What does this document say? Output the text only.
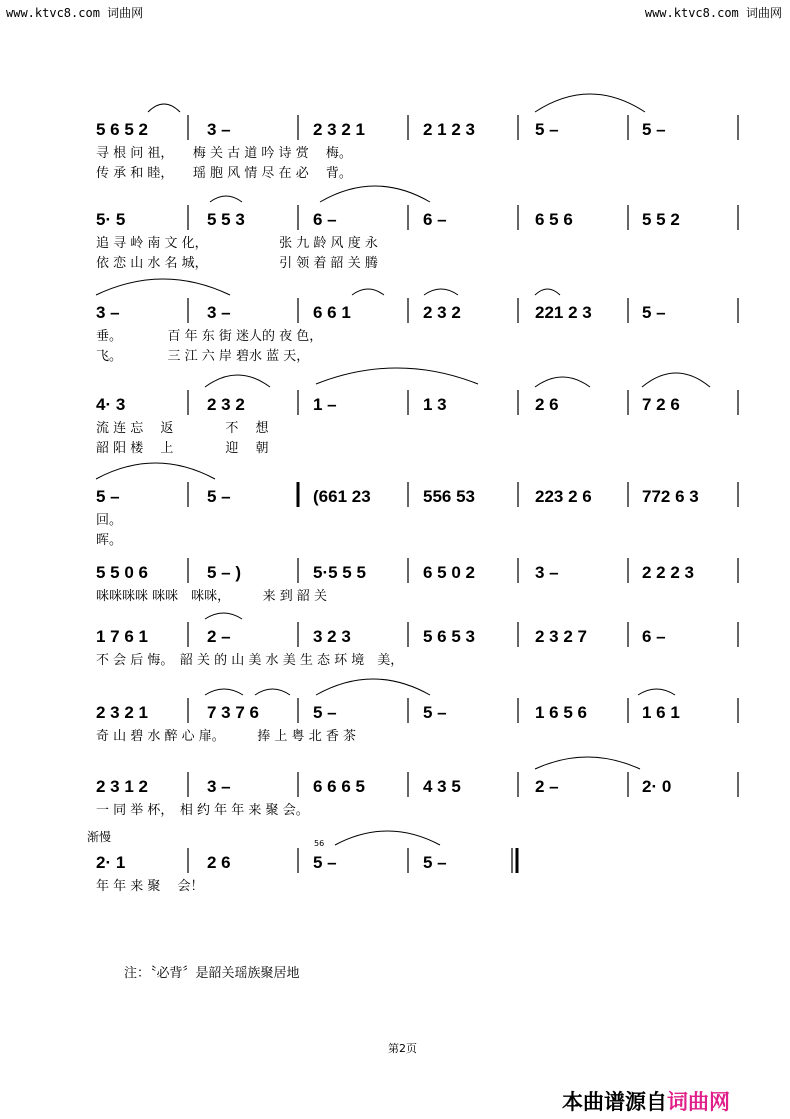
www.ktvc8.com 词曲网	www.ktvc8.com 词曲网
5 6 5 2	3 –	2 3 2 1	2 1 2 3	5 –	5 –
寻 根 问 祖，　　梅 关 古 道 吟 诗 赏　 梅。
传 承 和 睦，　　瑶 胞 风 情 尽 在 必　 背。
5· 5	5 5 3	6 –	6 –	6 5 6	5 5 2
追 寻 岭 南 文 化，　　　　　　张 九 龄 风 度 永
依 恋 山 水 名 城，　　　　　　引 领 着 韶 关 腾
3 –	3 –	6 6 1	2 3 2	221 2 3	5 –
垂。　　　　百 年 东 街 迷人的 夜 色，
飞。　　　　三 江 六 岸 碧水 蓝 天，
4· 3	2 3 2	1 –	1 3	2 6	7 2 6
流 连 忘　 返　　　　不　 想
韶 阳 楼　 上　　　　迎　 朝
5 –	5 –	(661 23	556 53	223 2 6	772 6 3
回。
晖。
5 5 0 6	5 – )	5·5 5 5	6 5 0 2	3 –	2 2 2 3
咪咪咪咪 咪咪　咪咪，　　　来 到 韶 关
1 7 6 1	2 –	3 2 3	5 6 5 3	2 3 2 7	6 –
不 会 后 悔。　韶 关 的 山 美 水 美 生 态 环 境　美，
2 3 2 1	7 3 7 6	5 –	5 –	1 6 5 6	1 6 1
奇 山 碧 水 醉 心 扉。　　　捧 上 粤 北 香 茶
2 3 1 2	3 –	6 6 6 5	4 3 5	2 –	2· 0
一 同 举 杯，　相 约 年 年 来 聚 会。
2· 1	2 6	5 –	5 –
年 年 来 聚　 会！
56
渐慢
注：〝必背〞是韶关瑶族聚居地
第2页
本曲谱源自词曲网
